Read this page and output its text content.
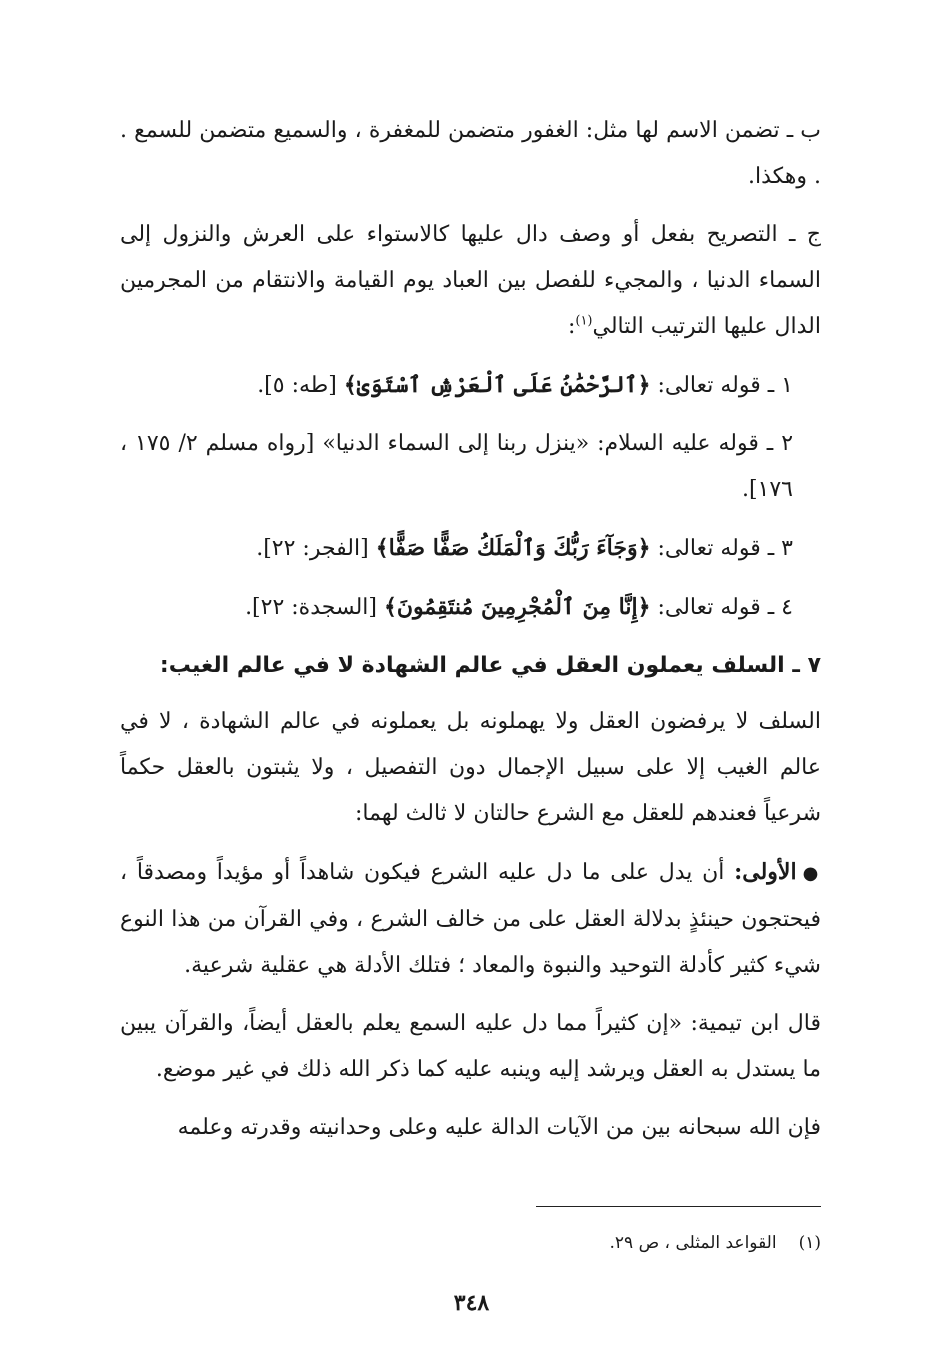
ب ـ تضمن الاسم لها مثل: الغفور متضمن للمغفرة ، والسميع متضمن للسمع . . وهكذا.

ج ـ التصريح بفعل أو وصف دال عليها كالاستواء على العرش والنزول إلى السماء الدنيا ، والمجيء للفصل بين العباد يوم القيامة والانتقام من المجرمين الدال عليها الترتيب التالي$^{(١)}$:

١ ـ قوله تعالى: ﴿ٱلرَّحْمَٰنُ عَلَى ٱلْعَرْشِ ٱسْتَوَىٰ﴾ [طه: ٥].

٢ ـ قوله عليه السلام: «ينزل ربنا إلى السماء الدنيا» [رواه مسلم ٢/ ١٧٥ ، ١٧٦].

٣ ـ قوله تعالى: ﴿وَجَآءَ رَبُّكَ وَٱلْمَلَكُ صَفًّا صَفًّا﴾ [الفجر: ٢٢].

٤ ـ قوله تعالى: ﴿إِنَّا مِنَ ٱلْمُجْرِمِينَ مُنتَقِمُونَ﴾ [السجدة: ٢٢].

٧ ـ السلف يعملون العقل في عالم الشهادة لا في عالم الغيب:

السلف لا يرفضون العقل ولا يهملونه بل يعملونه في عالم الشهادة ، لا في عالم الغيب إلا على سبيل الإجمال دون التفصيل ، ولا يثبتون بالعقل حكماً شرعياً فعندهم للعقل مع الشرع حالتان لا ثالث لهما:

●الأولى: أن يدل على ما دل عليه الشرع فيكون شاهداً أو مؤيداً ومصدقاً ، فيحتجون حينئذٍ بدلالة العقل على من خالف الشرع ، وفي القرآن من هذا النوع شيء كثير كأدلة التوحيد والنبوة والمعاد ؛ فتلك الأدلة هي عقلية شرعية.

قال ابن تيمية: «إن كثيراً مما دل عليه السمع يعلم بالعقل أيضاً، والقرآن يبين ما يستدل به العقل ويرشد إليه وينبه عليه كما ذكر الله ذلك في غير موضع.

فإن الله سبحانه بين من الآيات الدالة عليه وعلى وحدانيته وقدرته وعلمه

(١)القواعد المثلى ، ص ٢٩.
٣٤٨
